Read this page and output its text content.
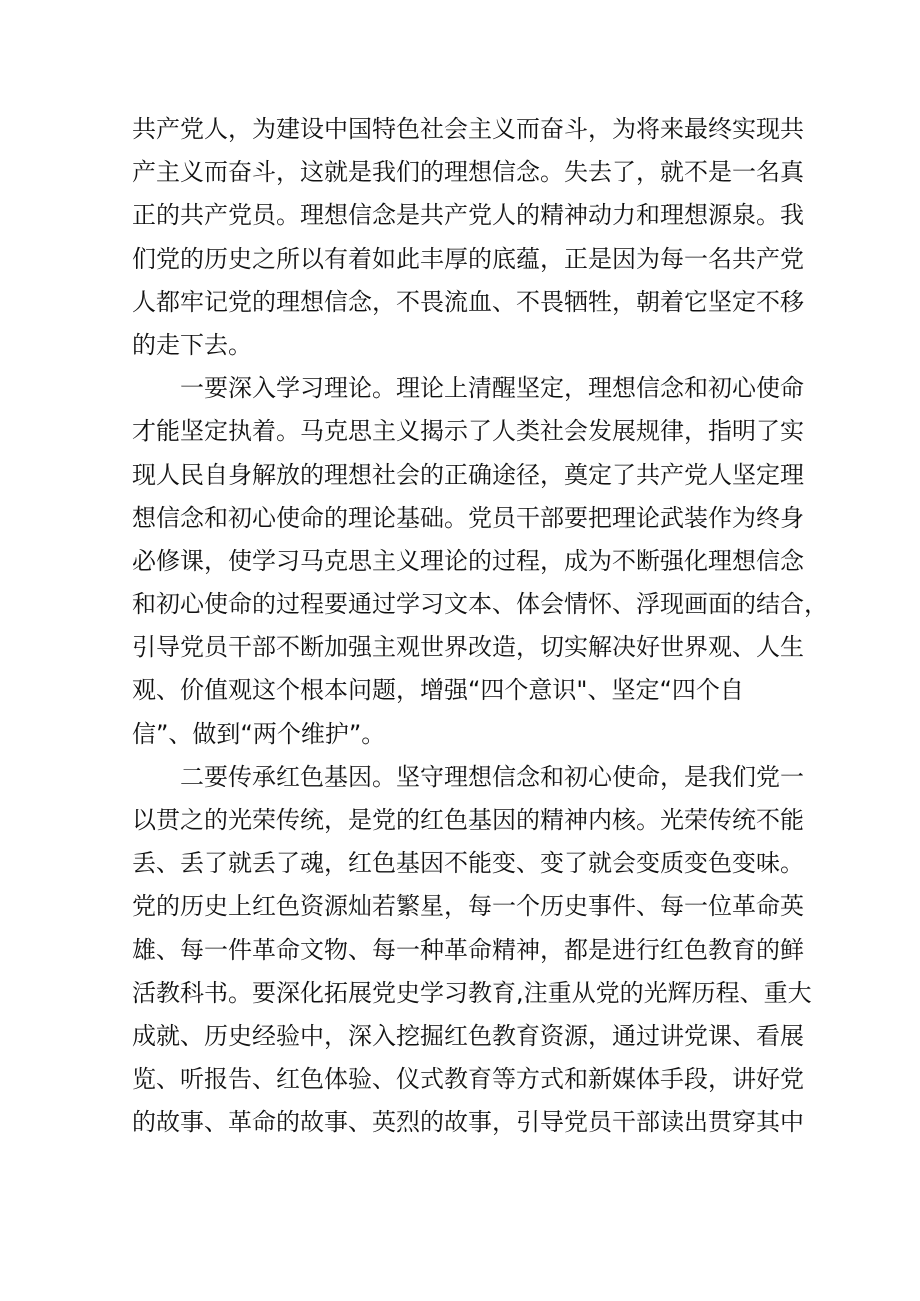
共产党人，为建设中国特色社会主义而奋斗，为将来最终实现共
产主义而奋斗，这就是我们的理想信念。失去了，就不是一名真
正的共产党员。理想信念是共产党人的精神动力和理想源泉。我
们党的历史之所以有着如此丰厚的底蕴，正是因为每一名共产党
人都牢记党的理想信念，不畏流血、不畏牺牲，朝着它坚定不移
的走下去。
一要深入学习理论。理论上清醒坚定，理想信念和初心使命
才能坚定执着。马克思主义揭示了人类社会发展规律，指明了实
现人民自身解放的理想社会的正确途径，奠定了共产党人坚定理
想信念和初心使命的理论基础。党员干部要把理论武装作为终身
必修课，使学习马克思主义理论的过程，成为不断强化理想信念
和初心使命的过程要通过学习文本、体会情怀、浮现画面的结合，
引导党员干部不断加强主观世界改造，切实解决好世界观、人生
观、价值观这个根本问题，增强“四个意识"、坚定“四个自
信”、做到“两个维护”。
二要传承红色基因。坚守理想信念和初心使命，是我们党一
以贯之的光荣传统，是党的红色基因的精神内核。光荣传统不能
丢、丢了就丢了魂，红色基因不能变、变了就会变质变色变味。
党的历史上红色资源灿若繁星，每一个历史事件、每一位革命英
雄、每一件革命文物、每一种革命精神，都是进行红色教育的鲜
活教科书。要深化拓展党史学习教育,注重从党的光辉历程、重大
成就、历史经验中，深入挖掘红色教育资源，通过讲党课、看展
览、听报告、红色体验、仪式教育等方式和新媒体手段，讲好党
的故事、革命的故事、英烈的故事，引导党员干部读出贯穿其中
